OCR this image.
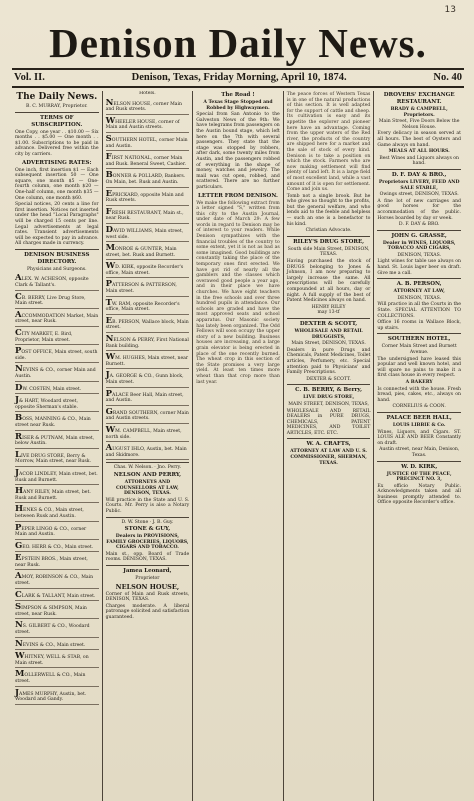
13
Denison Daily News.
Vol. II.	Denison, Texas, Friday Morning, April 10, 1874.	No. 40
The Daily News.
B. C. MURRAY, Proprietor.
TERMS OF SUBSCRIPTION.
One Copy, one year . . $10.00 — Six months . . $5.00 — One month . . $1.00. Subscriptions to be paid in advance. Delivered free within the city by carriers.
ADVERTISING RATES:
One inch, first insertion $1 — Each subsequent insertion 50 — One square, one month $5 — One-fourth column, one month $20 — One-half column, one month $35 — One column, one month $60.
Special notices, 20 cents a line for first insertion. Notices not inserted under the head "Local Paragraphs" will be charged 15 cents per line. Legal advertisements at legal rates. Transient advertisements will be expected to pay in advance. All charges made in currency.
DENISON BUSINESS DIRECTORY.
Physicians and Surgeons.
ALEX. W. ACHESON, opposite Clark & Tallant's.
CB. BERRY, Live Drug Store, Main street.
ACCOMMODATION Market, Main street, near Rusk.
CITY MARKET, E. Bird, Proprietor, Main street.
POST OFFICE, Main street, south side.
NEVINS & CO., corner Main and Austin.
DW. COSTEN, Main street.
J& HART, Woodard street, opposite Sherman's stable.
BOSS, MANNING & CO., Main street near Rusk.
RISER & PUTNAM, Main street, below Austin.
LIVE DRUG STORE, Berry & Morrow, Main street, near Rusk.
JACOB LINDLEY, Main street, bet. Rusk and Burnett.
HANY RILEY, Main street, bet. Rusk and Burnett.
HENKS & CO., Main street, between Rusk and Austin.
PEPER LINGO & CO., corner Main and Austin.
GEO. HERR & CO., Main street.
EPSTEIN BROS., Main street, near Rusk.
AMOY, ROBINSON & CO., Main street.
CLARK & TALLANT, Main street.
SIMPSON & SIMPSON, Main street, near Rusk.
NS. GILBERT & CO., Woodard street.
NEVINS & CO., Main street.
WHITNEY, WELL & STAB, on Main street.
MOLLERWELL & CO., Main street.
JAMES MURPHY, Austin, bet. Woodard and Gandy.
Hotels.
NELSON HOUSE, corner Main and Rusk streets.
WHEELER HOUSE, corner of Main and Austin streets.
SOUTHERN HOTEL, corner Main and Austin.
FIRST NATIONAL, corner Main and Rusk. Beneral Sweet, Cashier.
BONNER & POLLARD, Bankers. On Main, bet. Rusk and Austin.
EPRICKARD, opposite Main and Rusk streets.
FRESH RESTAURANT, Main st., near Rusk.
DAVID WILLIAMS, Main street, west side.
MONROE & GUNTER, Main street, bet. Rusk and Burnett.
WD. KIRK, opposite Recorder's office, Main street.
PATTERSON & PATTERSON, Main street.
TW. RAM, opposite Recorder's office, Main street.
EB. PERSON, Wallace block, Main street.
NELSON & PERRY, First National Bank building.
WM. HUGHES, Main street, near Burnett.
JA. GEORGE & CO., Gunn block, Main street.
PALACE Beer Hall, Main street, and Austin.
GRAND SOUTHERN, corner Main and Austin streets.
WM. CAMPBELL, Main street, north side.
AUGUST IHLO, Austin, bet. Main and Skidmore.
Chas. W. Nelson. · Jno. Perry.
NELSON AND PERRY,
ATTORNEYS AND COUNSELLORS AT LAW, DENISON, TEXAS.
Will practice in the State and U. S. Courts. Mr. Perry is also a Notary Public.
D. W. Stone · J. B. Guy.
STONE & GUY,
Dealers in PROVISIONS, FAMILY GROCERIES, LIQUORS, CIGARS AND TOBACCO.
Main st., opp. Board of Trade rooms. DENISON, TEXAS.
Jamea Leonard,
Proprietor
NELSON HOUSE,
Corner of Main and Rusk streets, DENISON, TEXAS.
Charges moderate. A liberal patronage solicited and satisfaction guaranteed.
The Road !
A Texas Stage Stopped and Robbed by Highwaymen.
Special from San Antonio to the Galveston News of the 9th: We have telegrams from passengers on the Austin bound stage, which left here on the 7th with several passengers. They state that the stage was stopped by robbers, after dark, some twenty miles from Austin, and the passengers robbed of everything in the shape of money, watches and jewelry. The mail was cut open, robbed, and scattered. There are no further particulars.
LETTER FROM DENISON.
We make the following extract from a letter signed "S," written from this city to the Austin Journal, under date of March 29: A few words in regard to Denison may be of interest to your readers. While Denison sympathizes with the financial troubles of the country to some extent, yet it is not as bad as some imagined. Good buildings are constantly taking the place of the temporary ones first erected. We have got rid of nearly all the gamblers and the classes which overawed good people a year ago, and in their place we have churches. We have eight teachers in the free schools and over three hundred pupils in attendance. Our schools are graded and have the most approved seats and school apparatus. Our Masonic society has lately been organized. The Odd Fellows will soon occupy the upper story of a new building. Business houses are increasing, and a large grain elevator is being erected in place of the one recently burned. The wheat crop in this section of the State promises a very large yield. At least ten times more wheat than that crop more than last year.
The peace forces of Western Texas is in one of the natural productions of this section. It is well adapted for the support of cattle and sheep. Its cultivation is easy and its appetite the explorer and pioneer here have an advantage. Coming from the upper waters of the Red river, the products of the country are shipped here for a market and the sale of stock of every kind. Denison is to take a position on which the stock. Farmers who are now making settlement will find plenty of land left. It is a large field of most excellent land, while a vast amount of it is open for settlement. Come and join us.
Tomb not a single brook. But he who gives no thought to the profits, but the general welfare, and who lends aid to the feeble and helpless — such an one is a benefactor to his kind.
Christian Advocate.
RILEY'S DRUG STORE,
South side Main Street, DENISON, TEXAS.
Having purchased the stock of DRUGS belonging to Jones & Johnson, I am now preparing to largely increase the same. All prescriptions will be carefully compounded at all hours, day or night. A full supply of the best of Patent Medicines always on hand.
HENRY RILEY
may 13-tf
DEXTER & SCOTT,
WHOLESALE AND RETAIL DRUGGISTS,
Main Street, DENISON, TEXAS.
Dealers in pure Drugs and Chemicals, Patent Medicines, Toilet articles, Perfumery, etc. Special attention paid to Physicians' and Family Prescriptions.
DEXTER & SCOTT.
C. B. BERRY, & Berry,
LIVE DRUG STORE,
MAIN STREET, DENISON, TEXAS,
WHOLESALE AND RETAIL DEALERS in PURE DRUGS, CHEMICALS, PATENT MEDICINES, AND TOILET ARTICLES, ETC. ETC.
W. A. CRAFTS,
ATTORNEY AT LAW AND U. S. COMMISSIONER, SHERMAN, TEXAS.
DROVERS' EXCHANGE RESTAURANT.
BRADY & CAMPBELL, Proprietors.
Main Street, Five Doors Below the Nelson House.
Every delicacy in season served at all hours. The best of Oysters and Game always on hand.
MEALS AT ALL HOURS.
Best Wines and Liquors always on hand.
D. F. DAY & BRO.,
Proprietors LIVERY, FEED AND SALE STABLE,
Owings street, DENISON, TEXAS.
A fine lot of new carriages and good horses for the accommodation of the public. Horses boarded by day or week.
D. F. DAY & BRO.
JOHN G. GRASSE,
Dealer in WINES, LIQUORS, TOBACCO AND CIGARS,
DENISON, TEXAS.
Light wines for table use always on hand. St. Louis lager beer on draft. Give me a call.
A. B. PERSON,
ATTORNEY AT LAW,
DENISON, TEXAS.
Will practice in all the Courts in the State. SPECIAL ATTENTION TO COLLECTIONS.
Office 16 rooms in Wallace Block, up stairs.
SOUTHERN HOTEL,
Corner Main Street and Burnett Avenue.
The undersigned have leased this popular and well known hotel, and will spare no pains to make it a first class house in every respect.
A BAKERY
Is connected with the house. Fresh bread, pies, cakes, etc., always on hand.
CORNELIUS & COON.
PALACE BEER HALL,
LOUIS LIBBIE & Co.
Wines, Liquors, and Cigars. ST. LOUIS ALE AND BEER Constantly on draft.
Austin street, near Main, Denison, Texas.
W. D. KIRK,
JUSTICE OF THE PEACE, PRECINCT NO. 3,
Ex officio Notary Public. Acknowledgments taken and all business promptly attended to. Office opposite Recorder's office.
